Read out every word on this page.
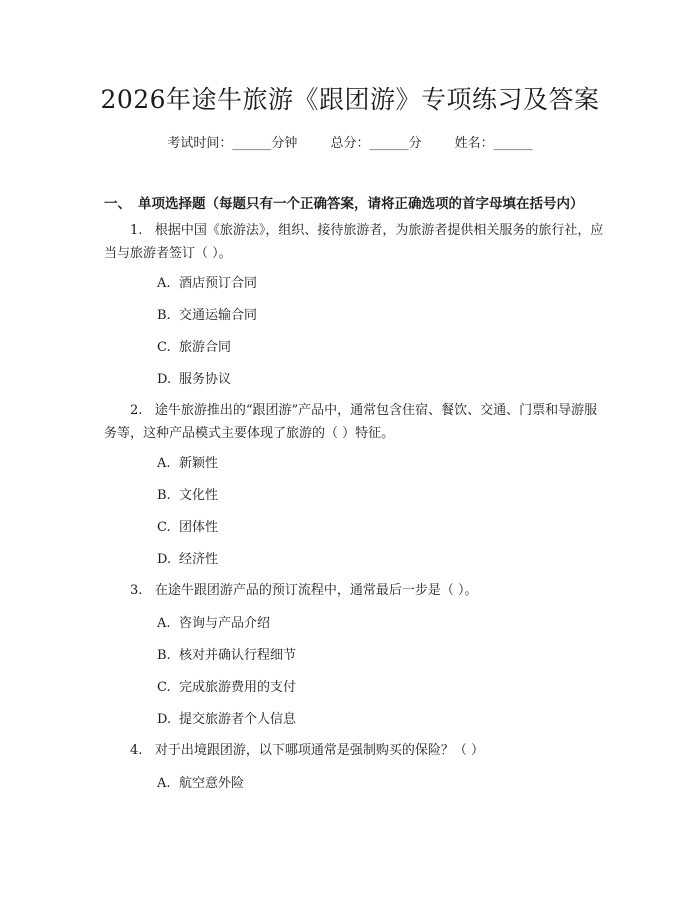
2026年途牛旅游《跟团游》专项练习及答案
考试时间：______分钟	总分：______分	姓名：______
一、 单项选择题（每题只有一个正确答案，请将正确选项的首字母填在括号内）
1. 根据中国《旅游法》，组织、接待旅游者，为旅游者提供相关服务的旅行社，应当与旅游者签订（ ）。
A. 酒店预订合同
B. 交通运输合同
C. 旅游合同
D. 服务协议
2. 途牛旅游推出的“跟团游”产品中，通常包含住宿、餐饮、交通、门票和导游服务等，这种产品模式主要体现了旅游的（ ）特征。
A. 新颖性
B. 文化性
C. 团体性
D. 经济性
3. 在途牛跟团游产品的预订流程中，通常最后一步是（ ）。
A. 咨询与产品介绍
B. 核对并确认行程细节
C. 完成旅游费用的支付
D. 提交旅游者个人信息
4. 对于出境跟团游，以下哪项通常是强制购买的保险？（ ）
A. 航空意外险
